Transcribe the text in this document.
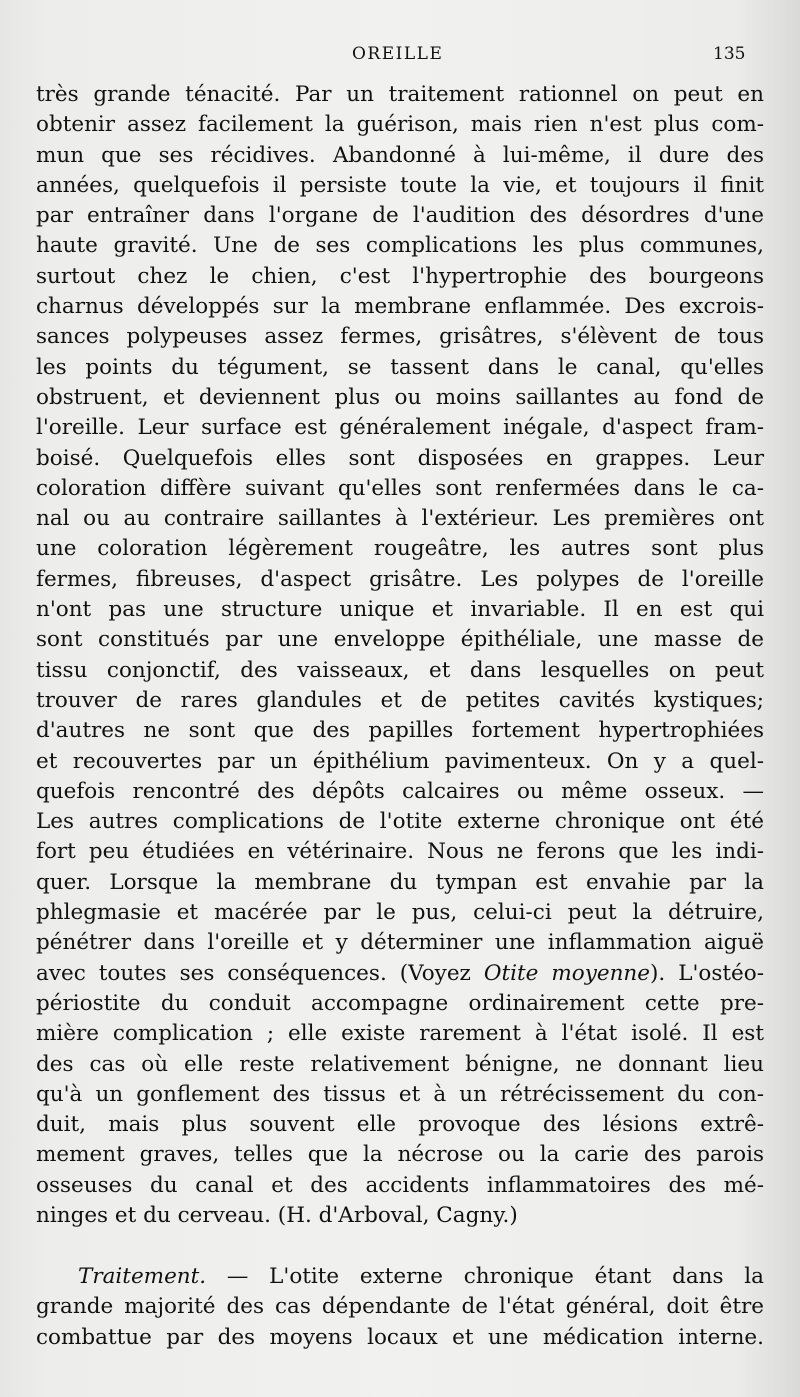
OREILLE	135
très grande ténacité. Par un traitement rationnel on peut en
obtenir assez facilement la guérison, mais rien n'est plus com-
mun que ses récidives. Abandonné à lui-même, il dure des
années, quelquefois il persiste toute la vie, et toujours il finit
par entraîner dans l'organe de l'audition des désordres d'une
haute gravité. Une de ses complications les plus communes,
surtout chez le chien, c'est l'hypertrophie des bourgeons
charnus développés sur la membrane enflammée. Des excrois-
sances polypeuses assez fermes, grisâtres, s'élèvent de tous
les points du tégument, se tassent dans le canal, qu'elles
obstruent, et deviennent plus ou moins saillantes au fond de
l'oreille. Leur surface est généralement inégale, d'aspect fram-
boisé. Quelquefois elles sont disposées en grappes. Leur
coloration diffère suivant qu'elles sont renfermées dans le ca-
nal ou au contraire saillantes à l'extérieur. Les premières ont
une coloration légèrement rougeâtre, les autres sont plus
fermes, fibreuses, d'aspect grisâtre. Les polypes de l'oreille
n'ont pas une structure unique et invariable. Il en est qui
sont constitués par une enveloppe épithéliale, une masse de
tissu conjonctif, des vaisseaux, et dans lesquelles on peut
trouver de rares glandules et de petites cavités kystiques;
d'autres ne sont que des papilles fortement hypertrophiées
et recouvertes par un épithélium pavimenteux. On y a quel-
quefois rencontré des dépôts calcaires ou même osseux. —
Les autres complications de l'otite externe chronique ont été
fort peu étudiées en vétérinaire. Nous ne ferons que les indi-
quer. Lorsque la membrane du tympan est envahie par la
phlegmasie et macérée par le pus, celui-ci peut la détruire,
pénétrer dans l'oreille et y déterminer une inflammation aiguë
avec toutes ses conséquences. (Voyez Otite moyenne). L'ostéo-
périostite du conduit accompagne ordinairement cette pre-
mière complication ; elle existe rarement à l'état isolé. Il est
des cas où elle reste relativement bénigne, ne donnant lieu
qu'à un gonflement des tissus et à un rétrécissement du con-
duit, mais plus souvent elle provoque des lésions extrê-
mement graves, telles que la nécrose ou la carie des parois
osseuses du canal et des accidents inflammatoires des mé-
ninges et du cerveau. (H. d'Arboval, Cagny.)
Traitement. — L'otite externe chronique étant dans la
grande majorité des cas dépendante de l'état général, doit être
combattue par des moyens locaux et une médication interne.
